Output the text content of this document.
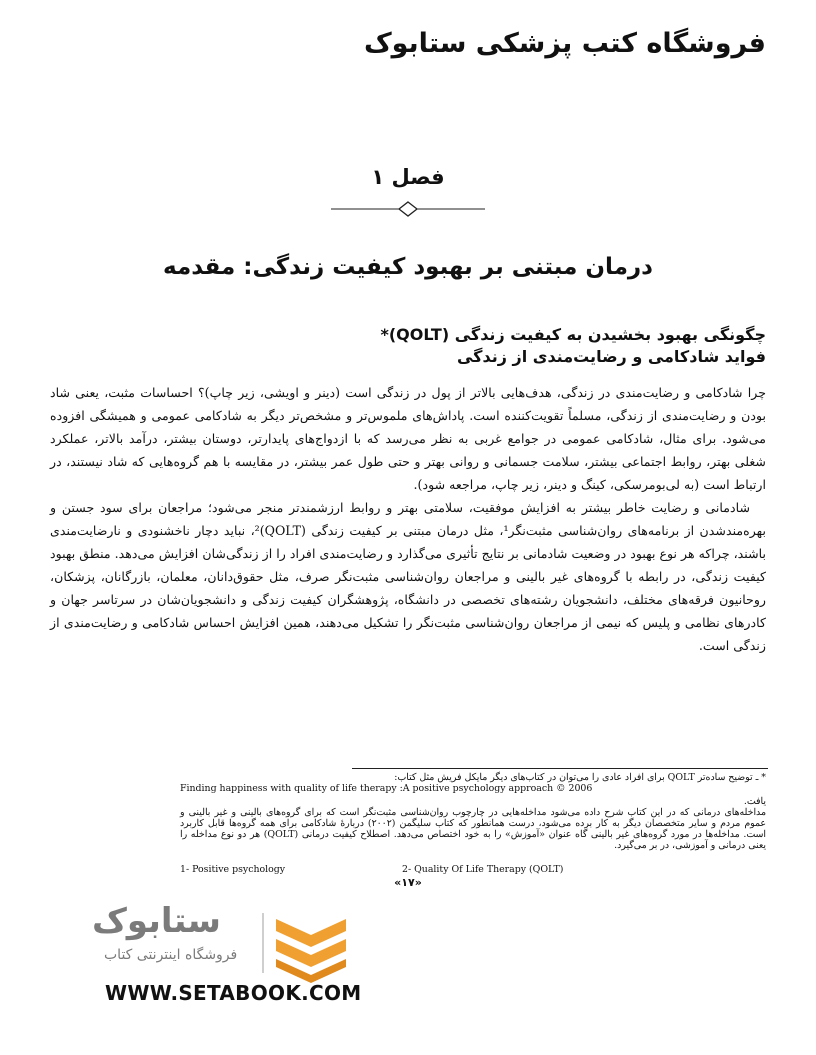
فروشگاه کتب پزشکی ستابوک
فصل ۱
درمان مبتنی بر بهبود کیفیت زندگی: مقدمه
چگونگی بهبود بخشیدن به کیفیت زندگی (QOLT)*
فواید شادکامی و رضایت‌مندی از زندگی

چرا شادکامی و رضایت‌مندی در زندگی، هدف‌هایی بالاتر از پول در زندگی است (دینر و اویشی، زیر چاپ)؟ احساسات مثبت، یعنی شاد بودن و رضایت‌مندی از زندگی، مسلماً تقویت‌کننده است. پاداش‌های ملموس‌تر و مشخص‌تر دیگر به شادکامی عمومی و همیشگی افزوده می‌شود. برای مثال، شادکامی عمومی در جوامع غربی به نظر می‌رسد که با ازدواج‌های پایدارتر، دوستان بیشتر، درآمد بالاتر، عملکرد شغلی بهتر، روابط اجتماعی بیشتر، سلامت جسمانی و روانی بهتر و حتی طول عمر بیشتر، در مقایسه با هم گروه‌هایی که شاد نیستند، در ارتباط است (به لی‌بومرسکی، کینگ و دینر، زیر چاپ، مراجعه شود).

شادمانی و رضایت خاطر بیشتر به افزایش موفقیت، سلامتی بهتر و روابط ارزشمندتر منجر می‌شود؛ مراجعان برای سود جستن و بهره‌مندشدن از برنامه‌های روان‌شناسی مثبت‌نگر¹، مثل درمان مبتنی بر کیفیت زندگی (QOLT)²، نباید دچار ناخشنودی و نارضایت‌مندی باشند، چراکه هر نوع بهبود در وضعیت شادمانی بر نتایج تأثیری می‌گذارد و رضایت‌مندی افراد را از زندگی‌شان افزایش می‌دهد. منطق بهبود کیفیت زندگی، در رابطه با گروه‌های غیر بالینی و مراجعان روان‌شناسی مثبت‌نگر صرف، مثل حقوق‌دانان، معلمان، بازرگانان، پزشکان، روحانیون فرقه‌های مختلف، دانشجویان رشته‌های تخصصی در دانشگاه، پژوهشگران کیفیت زندگی و دانشجویان‌شان در سرتاسر جهان و کادرهای نظامی و پلیس که نیمی از مراجعان روان‌شناسی مثبت‌نگر را تشکیل می‌دهند، همین افزایش احساس شادکامی و رضایت‌مندی از زندگی است.

* ـ توضیح ساده‌تر QOLT برای افراد عادی را می‌توان در کتاب‌های دیگر مایکل فریش مثل کتاب:
Finding happiness with quality of life therapy :A positive psychology approach © 2006
یافت.
مداخله‌های درمانی که در این کتاب شرح داده می‌شود مداخله‌هایی در چارچوب روان‌شناسی مثبت‌نگر است که برای گروه‌های بالینی و غیر بالینی و عموم مردم و سایر متخصصان دیگر به کار برده می‌شود، درست همانطور که کتاب سلیگمن (۲۰۰۲) دربارهٔ شادکامی برای همه گروه‌ها قابل کاربرد است. مداخله‌ها در مورد گروه‌های غیر بالینی گاه عنوان «آموزش» را به خود اختصاص می‌دهد. اصطلاح کیفیت درمانی (QOLT) هر دو نوع مداخله را یعنی درمانی و آموزشی، در بر می‌گیرد.
1- Positive psychology	2- Quality Of Life Therapy (QOLT)
«۱۷»
ستابوک
فروشگاه اینترنتی کتاب
WWW.SETABOOK.COM
